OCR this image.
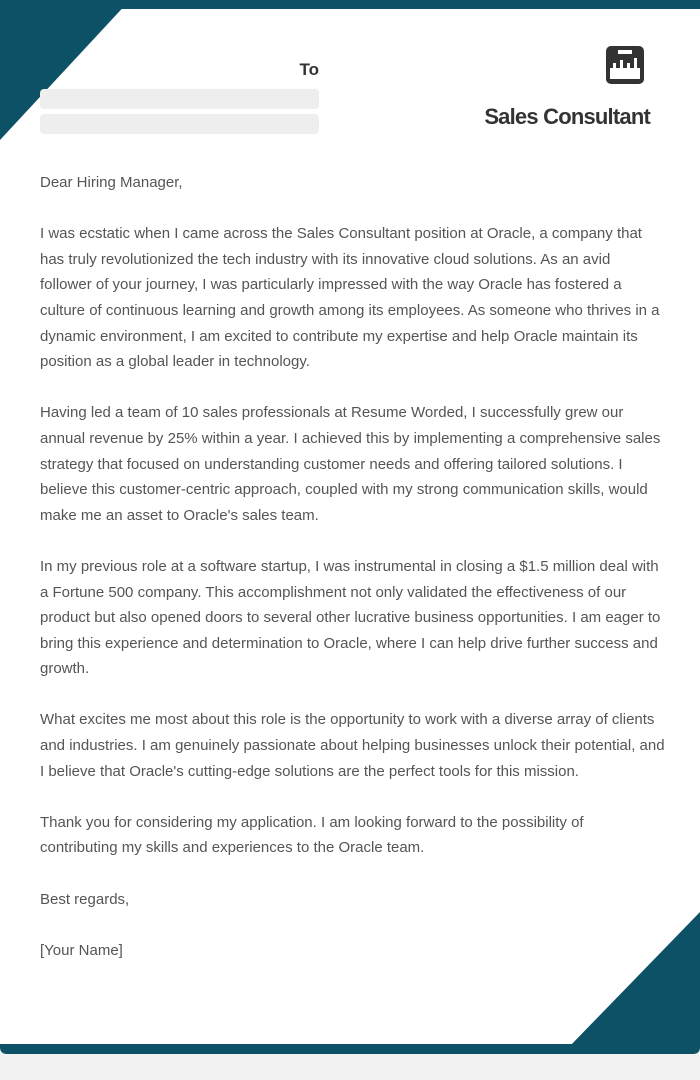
To
Sales Consultant

Dear Hiring Manager,

I was ecstatic when I came across the Sales Consultant position at Oracle, a company that has truly revolutionized the tech industry with its innovative cloud solutions. As an avid follower of your journey, I was particularly impressed with the way Oracle has fostered a culture of continuous learning and growth among its employees. As someone who thrives in a dynamic environment, I am excited to contribute my expertise and help Oracle maintain its position as a global leader in technology.

Having led a team of 10 sales professionals at Resume Worded, I successfully grew our annual revenue by 25% within a year. I achieved this by implementing a comprehensive sales strategy that focused on understanding customer needs and offering tailored solutions. I believe this customer-centric approach, coupled with my strong communication skills, would make me an asset to Oracle's sales team.

In my previous role at a software startup, I was instrumental in closing a $1.5 million deal with a Fortune 500 company. This accomplishment not only validated the effectiveness of our product but also opened doors to several other lucrative business opportunities. I am eager to bring this experience and determination to Oracle, where I can help drive further success and growth.

What excites me most about this role is the opportunity to work with a diverse array of clients and industries. I am genuinely passionate about helping businesses unlock their potential, and I believe that Oracle's cutting-edge solutions are the perfect tools for this mission.

Thank you for considering my application. I am looking forward to the possibility of contributing my skills and experiences to the Oracle team.

Best regards,

[Your Name]
